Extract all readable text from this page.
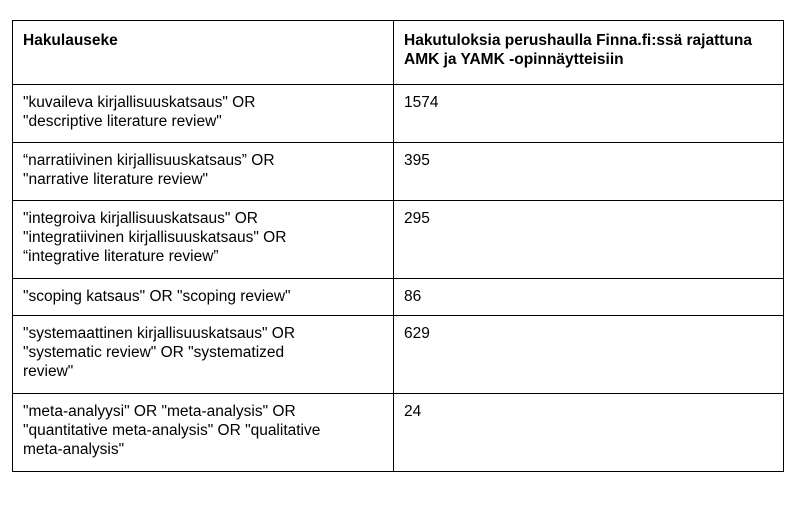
Hakulauseke	Hakutuloksia perushaulla Finna.fi:ssä rajattuna AMK ja YAMK -opinnäytteisiin

"kuvaileva kirjallisuuskatsaus" OR
"descriptive literature review"	1574

“narratiivinen kirjallisuuskatsaus” OR
"narrative literature review"	395

"integroiva kirjallisuuskatsaus" OR
"integratiivinen kirjallisuuskatsaus" OR
“integrative literature review”	295

"scoping katsaus" OR "scoping review"	86

"systemaattinen kirjallisuuskatsaus" OR
"systematic review" OR "systematized
review"	629

"meta-analyysi" OR "meta-analysis" OR
"quantitative meta-analysis" OR "qualitative
meta-analysis"	24
